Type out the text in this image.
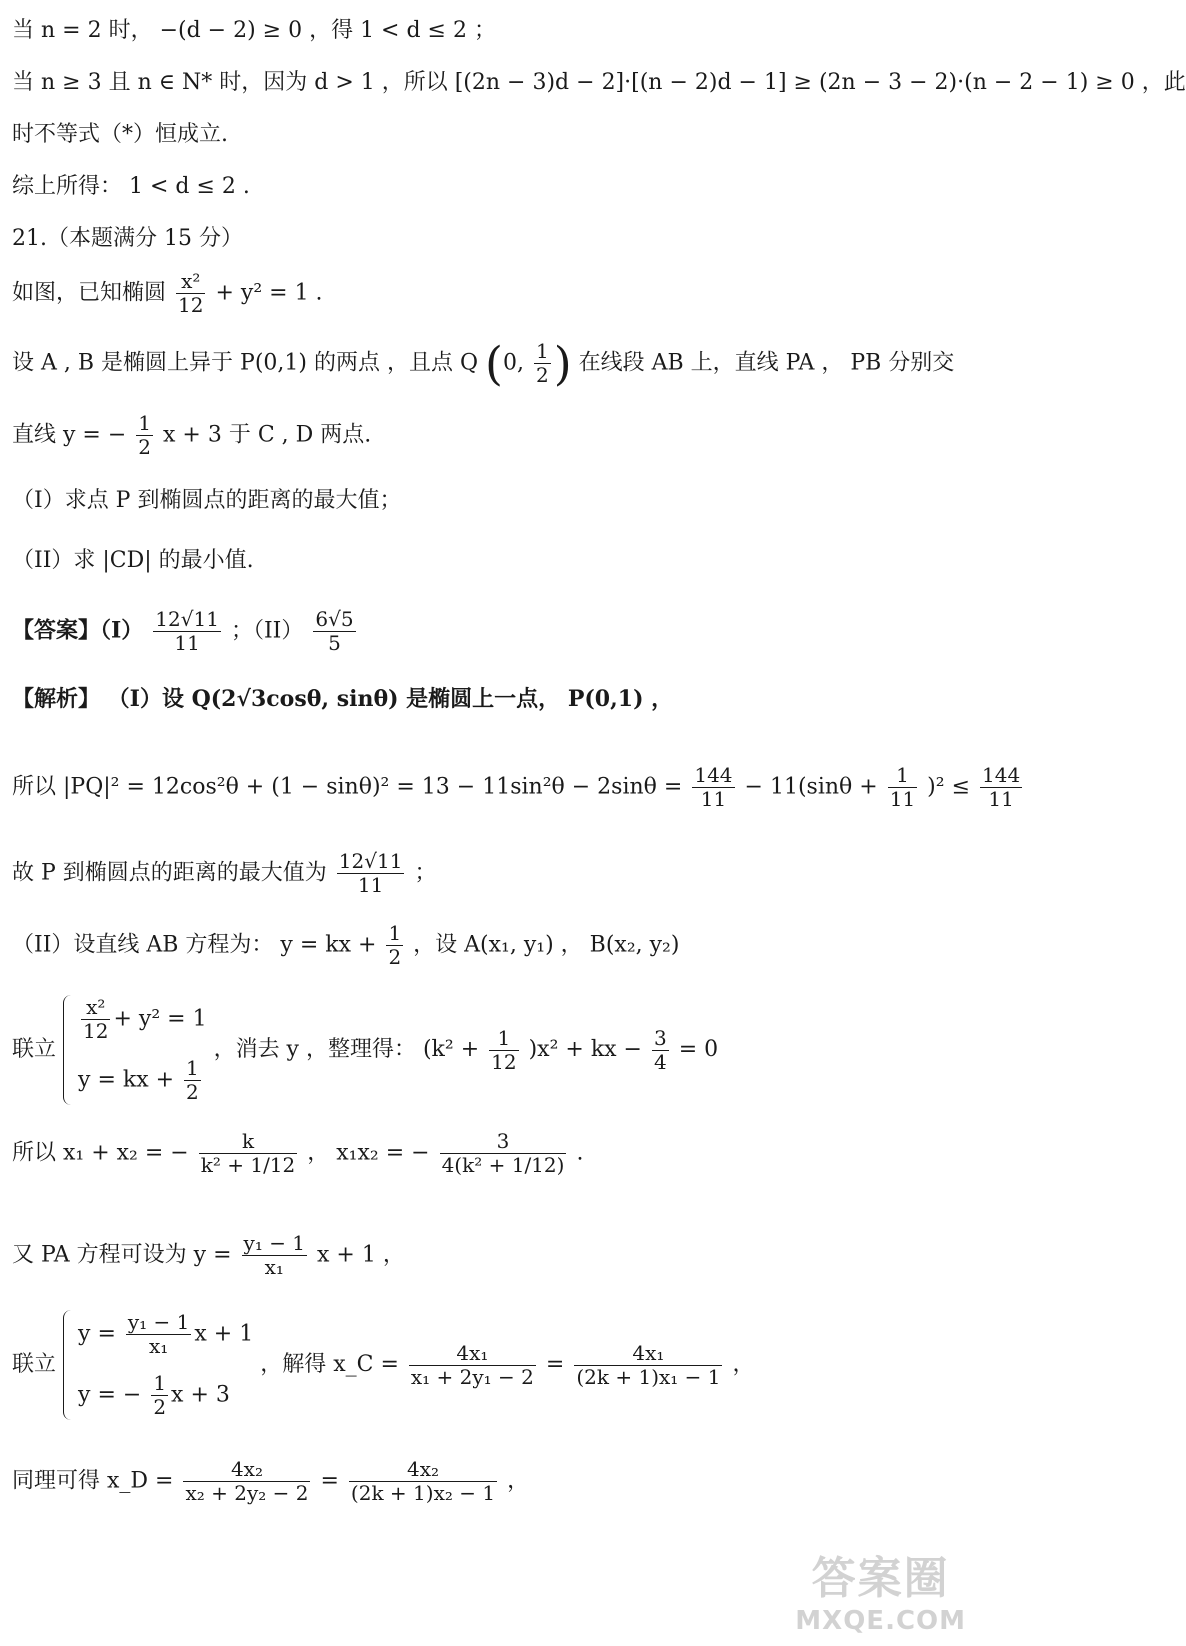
当 n = 2 时， −(d − 2) ≥ 0 ，得 1 < d ≤ 2 ；
当 n ≥ 3 且 n ∈ N* 时，因为 d > 1 ，所以 [(2n − 3)d − 2]·[(n − 2)d − 1] ≥ (2n − 3 − 2)·(n − 2 − 1) ≥ 0 ，此
时不等式（*）恒成立.
综上所得： 1 < d ≤ 2 .
21.（本题满分 15 分）
如图，已知椭圆 $\frac{\text{x²}}{12} + y^2 = 1$ .
设 A , B 是椭圆上异于 P(0,1) 的两点 ，且点 Q (0, $\frac{1}{2}$ ) 在线段 AB 上，直线 PA ， PB 分别交
直线 y = − $\frac{1}{2}$ x + 3 于 C , D 两点.
（I）求点 P 到椭圆点的距离的最大值；
（II）求 |CD| 的最小值.
【答案】$(I) \frac{12√11}{11}$ ；$(II) \frac{6√5}{5}$
【解析】 （I）设 Q(2√3cosθ, sinθ) 是椭圆上一点， P(0,1) ，
所以 $|PQ|^2 = 12\cos^2\theta + (1 - \sin\theta)^2 = 13 - 11\sin^2\theta - 2\sin\theta = \frac{144}{11} - 11(\sin\theta + \frac{1}{11} )^2 \le \frac{144}{11}$
故 P 到椭圆点的距离的最大值为 $\frac{12√11}{11}$ ；
（II）设直线 AB 方程为： y = kx + $\frac{1}{2}$ ，设 A(x₁, y₁) ， B(x₂, y₂)
联立
$\frac{\text{x²}}{12} + y^2 = 1$
y = kx + $\frac{1}{2}$
，消去 y ，整理得： $(k^2 + \frac{1}{12} )x^2$ + kx − $\frac{3}{4} = 0$
所以 x₁ + x₂ = − $\frac{k}{\text{k² + 1/12}}$ ， x₁x₂ = − $\frac{3}{\text{4(k² + 1/12)}}$ .
又 PA 方程可设为 $y = \frac{\text{y₁ − 1}}{\text{x₁}}$ x + 1 ，
联立
$y = \frac{\text{y₁ − 1}}{\text{x₁}}$ x + 1
y = − $\frac{1}{2}$ x + 3
，解得 x_C = $\frac{\text{4x₁}}{\text{x₁ + 2y₁ − 2}} = \frac{\text{4x₁}}{\text{(2k + 1)x₁ − 1}}$ ，
同理可得 x_D = $\frac{\text{4x₂}}{\text{x₂ + 2y₂ − 2}} = \frac{\text{4x₂}}{\text{(2k + 1)x₂ − 1}}$ ，
答案圈
MXQE.COM
